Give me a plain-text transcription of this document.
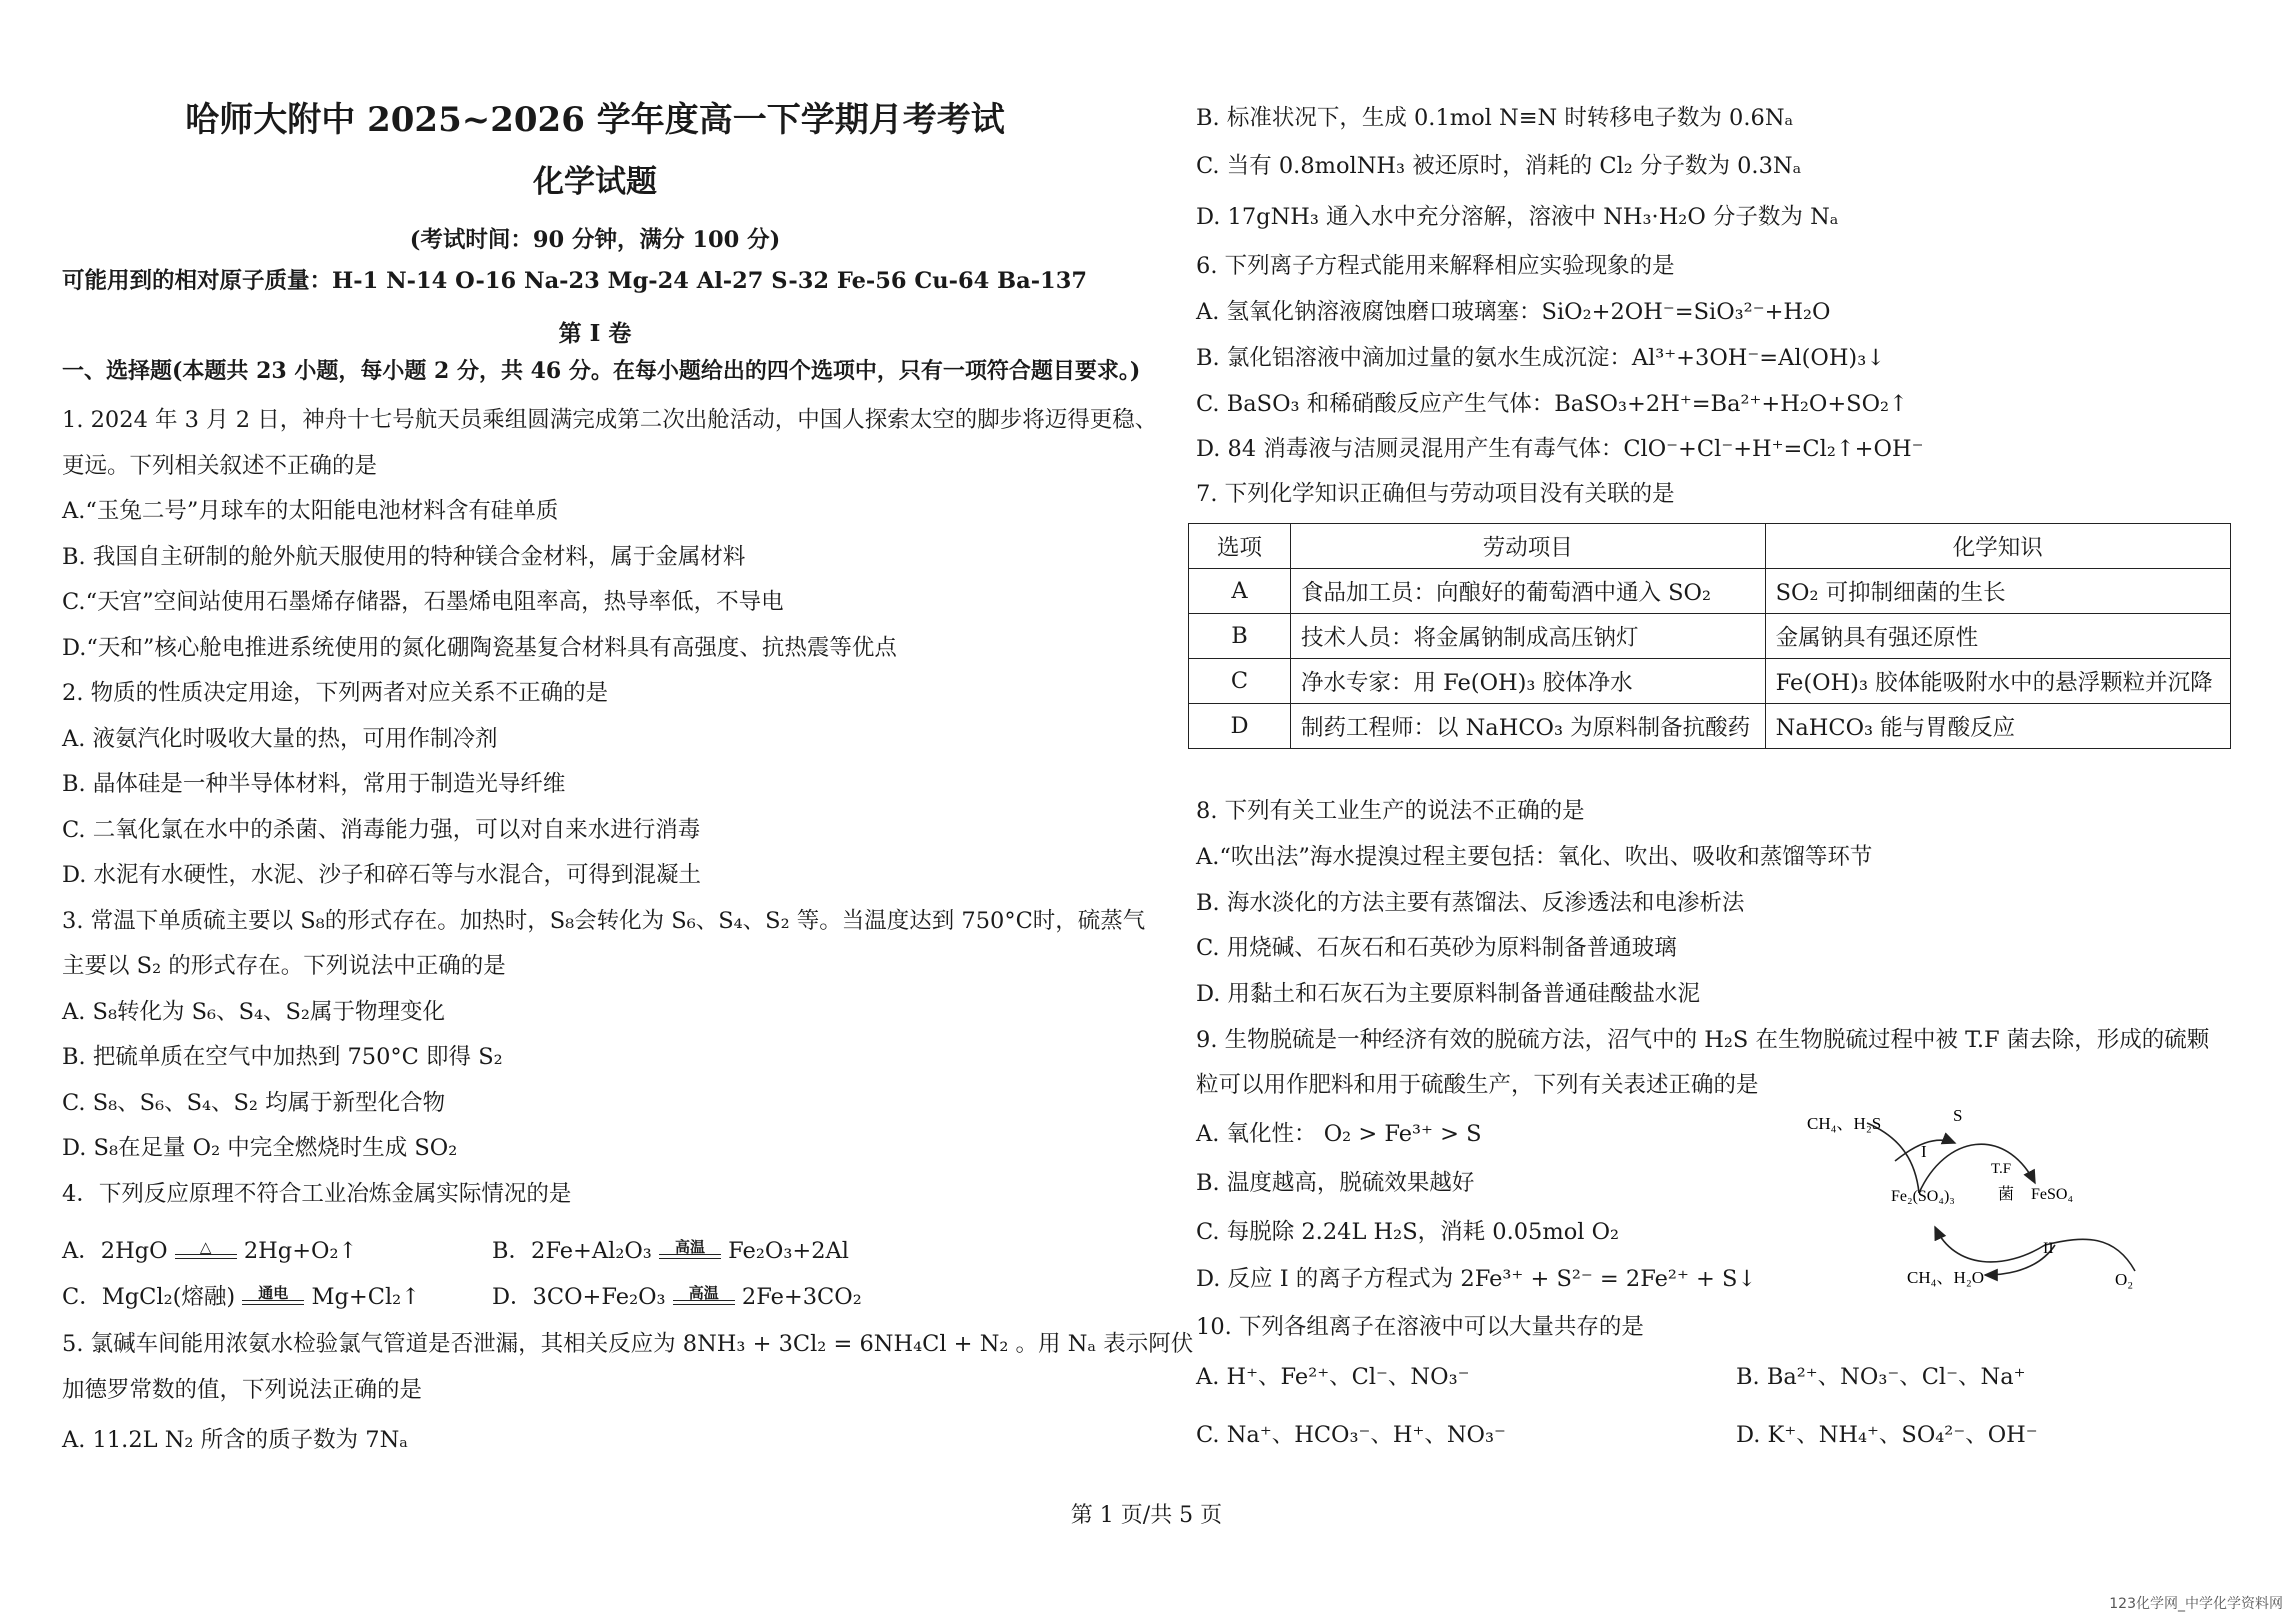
哈师大附中 2025~2026 学年度高一下学期月考考试
化学试题
(考试时间：90 分钟，满分 100 分)
可能用到的相对原子质量：H-1 N-14 O-16 Na-23 Mg-24 Al-27 S-32 Fe-56 Cu-64 Ba-137
第 I 卷
一、选择题(本题共 23 小题，每小题 2 分，共 46 分。在每小题给出的四个选项中，只有一项符合题目要求。)
1. 2024 年 3 月 2 日，神舟十七号航天员乘组圆满完成第二次出舱活动，中国人探索太空的脚步将迈得更稳、
更远。下列相关叙述不正确的是
A.“玉兔二号”月球车的太阳能电池材料含有硅单质
B. 我国自主研制的舱外航天服使用的特种镁合金材料，属于金属材料
C.“天宫”空间站使用石墨烯存储器，石墨烯电阻率高，热导率低，不导电
D.“天和”核心舱电推进系统使用的氮化硼陶瓷基复合材料具有高强度、抗热震等优点
2. 物质的性质决定用途，下列两者对应关系不正确的是
A. 液氨汽化时吸收大量的热，可用作制冷剂
B. 晶体硅是一种半导体材料，常用于制造光导纤维
C. 二氧化氯在水中的杀菌、消毒能力强，可以对自来水进行消毒
D. 水泥有水硬性，水泥、沙子和碎石等与水混合，可得到混凝土
3. 常温下单质硫主要以 S₈的形式存在。加热时，S₈会转化为 S₆、S₄、S₂ 等。当温度达到 750°C时，硫蒸气
主要以 S₂ 的形式存在。下列说法中正确的是
A. S₈转化为 S₆、S₄、S₂属于物理变化
B. 把硫单质在空气中加热到 750°C 即得 S₂
C. S₈、S₆、S₄、S₂ 均属于新型化合物
D. S₈在足量 O₂ 中完全燃烧时生成 SO₂
4．下列反应原理不符合工业冶炼金属实际情况的是
A．2HgO	△	2Hg+O₂↑	B．2Fe+Al₂O₃	高温	Fe₂O₃+2Al
C．MgCl₂(熔融)	通电	Mg+Cl₂↑	D．3CO+Fe₂O₃	高温	2Fe+3CO₂
5. 氯碱车间能用浓氨水检验氯气管道是否泄漏，其相关反应为 8NH₃ + 3Cl₂ = 6NH₄Cl + N₂ 。用 Nₐ 表示阿伏
加德罗常数的值，下列说法正确的是
A. 11.2L N₂ 所含的质子数为 7Nₐ
B. 标准状况下，生成 0.1mol N≡N 时转移电子数为 0.6Nₐ
C. 当有 0.8molNH₃ 被还原时，消耗的 Cl₂ 分子数为 0.3Nₐ
D. 17gNH₃ 通入水中充分溶解，溶液中 NH₃·H₂O 分子数为 Nₐ
6. 下列离子方程式能用来解释相应实验现象的是
A. 氢氧化钠溶液腐蚀磨口玻璃塞：SiO₂+2OH⁻=SiO₃²⁻+H₂O
B. 氯化铝溶液中滴加过量的氨水生成沉淀：Al³⁺+3OH⁻=Al(OH)₃↓
C. BaSO₃ 和稀硝酸反应产生气体：BaSO₃+2H⁺=Ba²⁺+H₂O+SO₂↑
D. 84 消毒液与洁厕灵混用产生有毒气体：ClO⁻+Cl⁻+H⁺=Cl₂↑+OH⁻
7. 下列化学知识正确但与劳动项目没有关联的是
选项	劳动项目	化学知识
A	食品加工员：向酿好的葡萄酒中通入 SO₂	SO₂ 可抑制细菌的生长
B	技术人员：将金属钠制成高压钠灯	金属钠具有强还原性
C	净水专家：用 Fe(OH)₃ 胶体净水	Fe(OH)₃ 胶体能吸附水中的悬浮颗粒并沉降
D	制药工程师：以 NaHCO₃ 为原料制备抗酸药	NaHCO₃ 能与胃酸反应
8. 下列有关工业生产的说法不正确的是
A.“吹出法”海水提溴过程主要包括：氧化、吹出、吸收和蒸馏等环节
B. 海水淡化的方法主要有蒸馏法、反渗透法和电渗析法
C. 用烧碱、石灰石和石英砂为原料制备普通玻璃
D. 用黏土和石灰石为主要原料制备普通硅酸盐水泥
9. 生物脱硫是一种经济有效的脱硫方法，沼气中的 H₂S 在生物脱硫过程中被 T.F 菌去除，形成的硫颗
粒可以用作肥料和用于硫酸生产，下列有关表述正确的是
A. 氧化性： O₂ > Fe³⁺ > S
B. 温度越高，脱硫效果越好
C. 每脱除 2.24L H₂S，消耗 0.05mol O₂
D. 反应 I 的离子方程式为 2Fe³⁺ + S²⁻ = 2Fe²⁺ + S↓
CH₄、H₂S	S
I
T.F
菌
Fe₂(SO₄)₃	FeSO₄
II
CH₄、H₂O	O₂
10. 下列各组离子在溶液中可以大量共存的是
A. H⁺、Fe²⁺、Cl⁻、NO₃⁻	B. Ba²⁺、NO₃⁻、Cl⁻、Na⁺
C. Na⁺、HCO₃⁻、H⁺、NO₃⁻	D. K⁺、NH₄⁺、SO₄²⁻、OH⁻
第 1 页/共 5 页
123化学网_中学化学资料网
